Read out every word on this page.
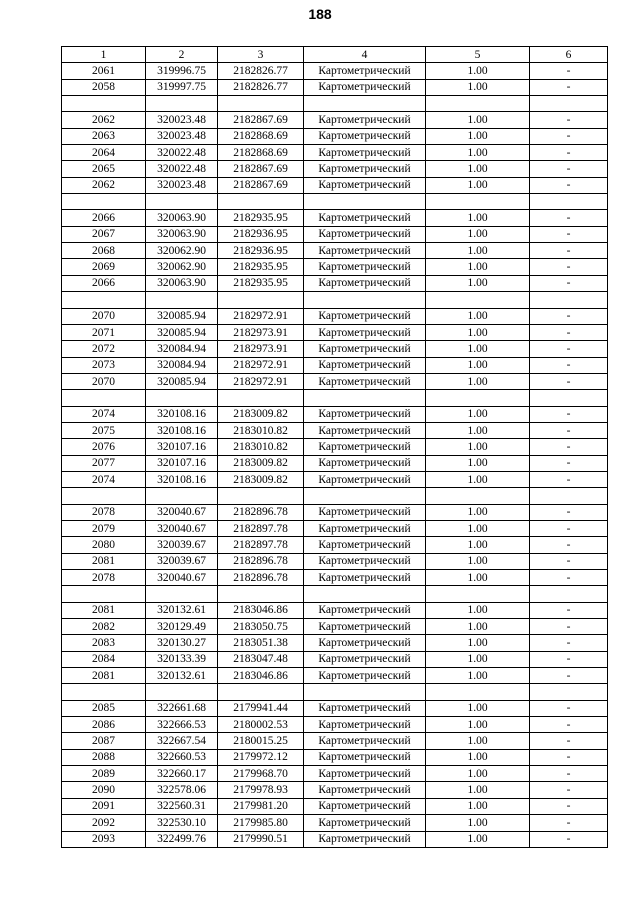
188
1	2	3	4	5	6
2061	319996.75	2182826.77	Картометрический	1.00	-
2058	319997.75	2182826.77	Картометрический	1.00	-

2062	320023.48	2182867.69	Картометрический	1.00	-
2063	320023.48	2182868.69	Картометрический	1.00	-
2064	320022.48	2182868.69	Картометрический	1.00	-
2065	320022.48	2182867.69	Картометрический	1.00	-
2062	320023.48	2182867.69	Картометрический	1.00	-

2066	320063.90	2182935.95	Картометрический	1.00	-
2067	320063.90	2182936.95	Картометрический	1.00	-
2068	320062.90	2182936.95	Картометрический	1.00	-
2069	320062.90	2182935.95	Картометрический	1.00	-
2066	320063.90	2182935.95	Картометрический	1.00	-

2070	320085.94	2182972.91	Картометрический	1.00	-
2071	320085.94	2182973.91	Картометрический	1.00	-
2072	320084.94	2182973.91	Картометрический	1.00	-
2073	320084.94	2182972.91	Картометрический	1.00	-
2070	320085.94	2182972.91	Картометрический	1.00	-

2074	320108.16	2183009.82	Картометрический	1.00	-
2075	320108.16	2183010.82	Картометрический	1.00	-
2076	320107.16	2183010.82	Картометрический	1.00	-
2077	320107.16	2183009.82	Картометрический	1.00	-
2074	320108.16	2183009.82	Картометрический	1.00	-

2078	320040.67	2182896.78	Картометрический	1.00	-
2079	320040.67	2182897.78	Картометрический	1.00	-
2080	320039.67	2182897.78	Картометрический	1.00	-
2081	320039.67	2182896.78	Картометрический	1.00	-
2078	320040.67	2182896.78	Картометрический	1.00	-

2081	320132.61	2183046.86	Картометрический	1.00	-
2082	320129.49	2183050.75	Картометрический	1.00	-
2083	320130.27	2183051.38	Картометрический	1.00	-
2084	320133.39	2183047.48	Картометрический	1.00	-
2081	320132.61	2183046.86	Картометрический	1.00	-

2085	322661.68	2179941.44	Картометрический	1.00	-
2086	322666.53	2180002.53	Картометрический	1.00	-
2087	322667.54	2180015.25	Картометрический	1.00	-
2088	322660.53	2179972.12	Картометрический	1.00	-
2089	322660.17	2179968.70	Картометрический	1.00	-
2090	322578.06	2179978.93	Картометрический	1.00	-
2091	322560.31	2179981.20	Картометрический	1.00	-
2092	322530.10	2179985.80	Картометрический	1.00	-
2093	322499.76	2179990.51	Картометрический	1.00	-
